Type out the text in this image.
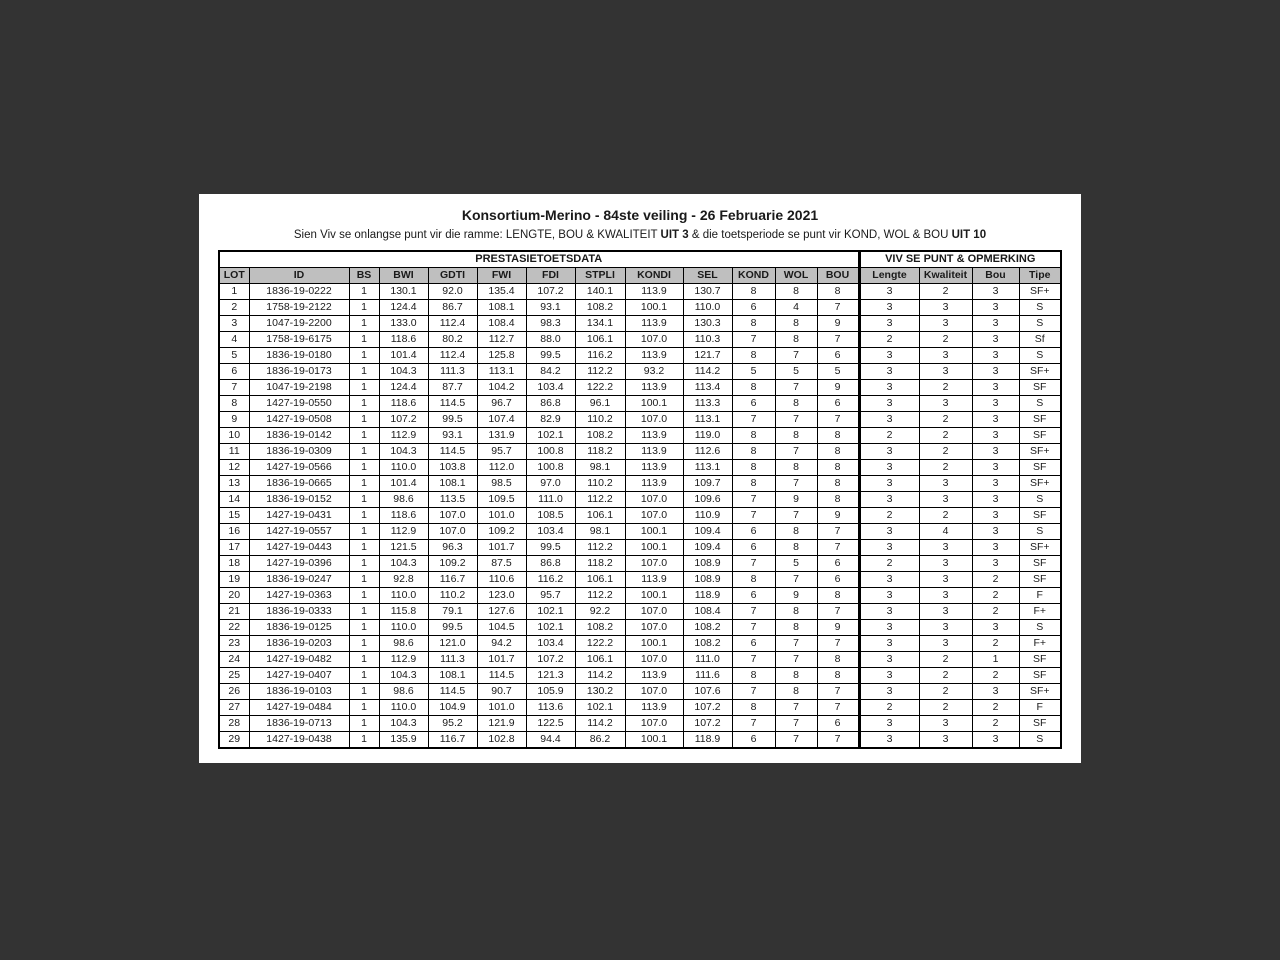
Konsortium-Merino - 84ste veiling - 26 Februarie 2021
Sien Viv se onlangse punt vir die ramme: LENGTE, BOU & KWALITEIT UIT 3 & die toetsperiode se punt vir KOND, WOL & BOU UIT 10
PRESTASIETOETSDATA													VIV SE PUNT & OPMERKING			
LOT	ID	BS	BWI	GDTI	FWI	FDI	STPLI	KONDI	SEL	KOND	WOL	BOU	Lengte	Kwaliteit	Bou	Tipe
1	1836-19-0222	1	130.1	92.0	135.4	107.2	140.1	113.9	130.7	8	8	8	3	2	3	SF+
2	1758-19-2122	1	124.4	86.7	108.1	93.1	108.2	100.1	110.0	6	4	7	3	3	3	S
3	1047-19-2200	1	133.0	112.4	108.4	98.3	134.1	113.9	130.3	8	8	9	3	3	3	S
4	1758-19-6175	1	118.6	80.2	112.7	88.0	106.1	107.0	110.3	7	8	7	2	2	3	Sf
5	1836-19-0180	1	101.4	112.4	125.8	99.5	116.2	113.9	121.7	8	7	6	3	3	3	S
6	1836-19-0173	1	104.3	111.3	113.1	84.2	112.2	93.2	114.2	5	5	5	3	3	3	SF+
7	1047-19-2198	1	124.4	87.7	104.2	103.4	122.2	113.9	113.4	8	7	9	3	2	3	SF
8	1427-19-0550	1	118.6	114.5	96.7	86.8	96.1	100.1	113.3	6	8	6	3	3	3	S
9	1427-19-0508	1	107.2	99.5	107.4	82.9	110.2	107.0	113.1	7	7	7	3	2	3	SF
10	1836-19-0142	1	112.9	93.1	131.9	102.1	108.2	113.9	119.0	8	8	8	2	2	3	SF
11	1836-19-0309	1	104.3	114.5	95.7	100.8	118.2	113.9	112.6	8	7	8	3	2	3	SF+
12	1427-19-0566	1	110.0	103.8	112.0	100.8	98.1	113.9	113.1	8	8	8	3	2	3	SF
13	1836-19-0665	1	101.4	108.1	98.5	97.0	110.2	113.9	109.7	8	7	8	3	3	3	SF+
14	1836-19-0152	1	98.6	113.5	109.5	111.0	112.2	107.0	109.6	7	9	8	3	3	3	S
15	1427-19-0431	1	118.6	107.0	101.0	108.5	106.1	107.0	110.9	7	7	9	2	2	3	SF
16	1427-19-0557	1	112.9	107.0	109.2	103.4	98.1	100.1	109.4	6	8	7	3	4	3	S
17	1427-19-0443	1	121.5	96.3	101.7	99.5	112.2	100.1	109.4	6	8	7	3	3	3	SF+
18	1427-19-0396	1	104.3	109.2	87.5	86.8	118.2	107.0	108.9	7	5	6	2	3	3	SF
19	1836-19-0247	1	92.8	116.7	110.6	116.2	106.1	113.9	108.9	8	7	6	3	3	2	SF
20	1427-19-0363	1	110.0	110.2	123.0	95.7	112.2	100.1	118.9	6	9	8	3	3	2	F
21	1836-19-0333	1	115.8	79.1	127.6	102.1	92.2	107.0	108.4	7	8	7	3	3	2	F+
22	1836-19-0125	1	110.0	99.5	104.5	102.1	108.2	107.0	108.2	7	8	9	3	3	3	S
23	1836-19-0203	1	98.6	121.0	94.2	103.4	122.2	100.1	108.2	6	7	7	3	3	2	F+
24	1427-19-0482	1	112.9	111.3	101.7	107.2	106.1	107.0	111.0	7	7	8	3	2	1	SF
25	1427-19-0407	1	104.3	108.1	114.5	121.3	114.2	113.9	111.6	8	8	8	3	2	2	SF
26	1836-19-0103	1	98.6	114.5	90.7	105.9	130.2	107.0	107.6	7	8	7	3	2	3	SF+
27	1427-19-0484	1	110.0	104.9	101.0	113.6	102.1	113.9	107.2	8	7	7	2	2	2	F
28	1836-19-0713	1	104.3	95.2	121.9	122.5	114.2	107.0	107.2	7	7	6	3	3	2	SF
29	1427-19-0438	1	135.9	116.7	102.8	94.4	86.2	100.1	118.9	6	7	7	3	3	3	S
